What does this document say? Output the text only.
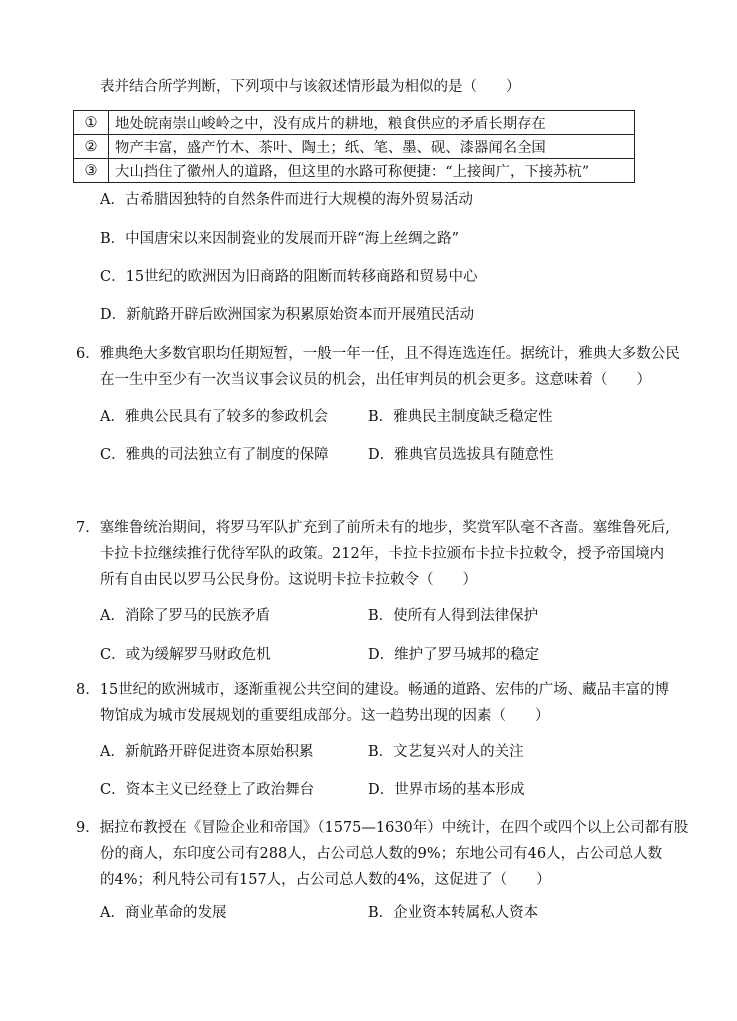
表并结合所学判断，下列项中与该叙述情形最为相似的是（　　）
①	地处皖南崇山峻岭之中，没有成片的耕地，粮食供应的矛盾长期存在
②	物产丰富，盛产竹木、茶叶、陶土；纸、笔、墨、砚、漆器闻名全国
③	大山挡住了徽州人的道路，但这里的水路可称便捷：“上接闽广，下接苏杭”
A．古希腊因独特的自然条件而进行大规模的海外贸易活动
B．中国唐宋以来因制瓷业的发展而开辟“海上丝绸之路”
C．15世纪的欧洲因为旧商路的阻断而转移商路和贸易中心
D．新航路开辟后欧洲国家为积累原始资本而开展殖民活动
6．雅典绝大多数官职均任期短暂，一般一年一任，且不得连选连任。据统计，雅典大多数公民
在一生中至少有一次当议事会议员的机会，出任审判员的机会更多。这意味着（　　）
A．雅典公民具有了较多的参政机会	B．雅典民主制度缺乏稳定性
C．雅典的司法独立有了制度的保障	D．雅典官员选拔具有随意性
7．塞维鲁统治期间，将罗马军队扩充到了前所未有的地步，奖赏军队毫不吝啬。塞维鲁死后,
卡拉卡拉继续推行优待军队的政策。212年，卡拉卡拉颁布卡拉卡拉敕令，授予帝国境内
所有自由民以罗马公民身份。这说明卡拉卡拉敕令（　　）
A．消除了罗马的民族矛盾	B．使所有人得到法律保护
C．或为缓解罗马财政危机	D．维护了罗马城邦的稳定
8．15世纪的欧洲城市，逐渐重视公共空间的建设。畅通的道路、宏伟的广场、藏品丰富的博
物馆成为城市发展规划的重要组成部分。这一趋势出现的因素（　　）
A．新航路开辟促进资本原始积累	B．文艺复兴对人的关注
C．资本主义已经登上了政治舞台	D．世界市场的基本形成
9．据拉布教授在《冒险企业和帝国》（1575—1630年）中统计，在四个或四个以上公司都有股
份的商人，东印度公司有288人，占公司总人数的9%；东地公司有46人，占公司总人数
的4%；利凡特公司有157人，占公司总人数的4%，这促进了（　　）
A．商业革命的发展	B．企业资本转属私人资本
